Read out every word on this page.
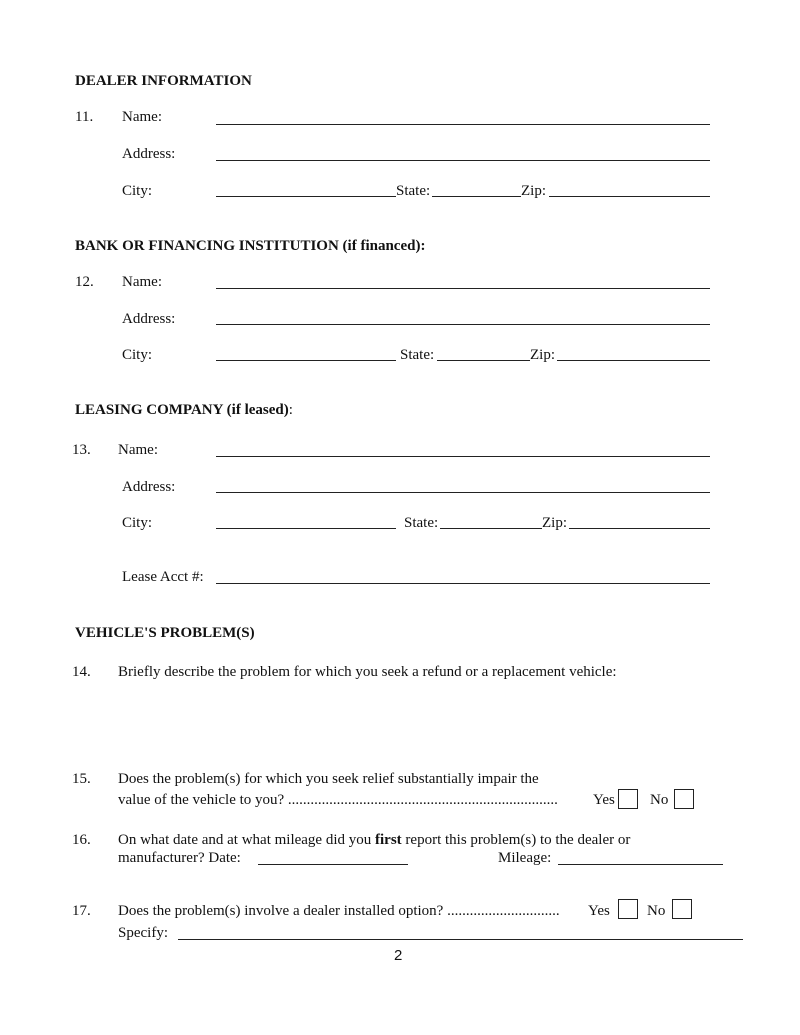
DEALER INFORMATION
11. Name:
Address:
City:	State:	Zip:
BANK OR FINANCING INSTITUTION (if financed):
12. Name:
Address:
City:	State:	Zip:
LEASING COMPANY (if leased):
13. Name:
Address:
City:	State:	Zip:
Lease Acct #:
VEHICLE'S PROBLEM(S)
14. Briefly describe the problem for which you seek a refund or a replacement vehicle:
15. Does the problem(s) for which you seek relief substantially impair the
value of the vehicle to you? ........................................................................ Yes No
16. On what date and at what mileage did you first report this problem(s) to the dealer or
manufacturer? Date:	Mileage:
17. Does the problem(s) involve a dealer installed option? .............................. Yes No
Specify:
2
